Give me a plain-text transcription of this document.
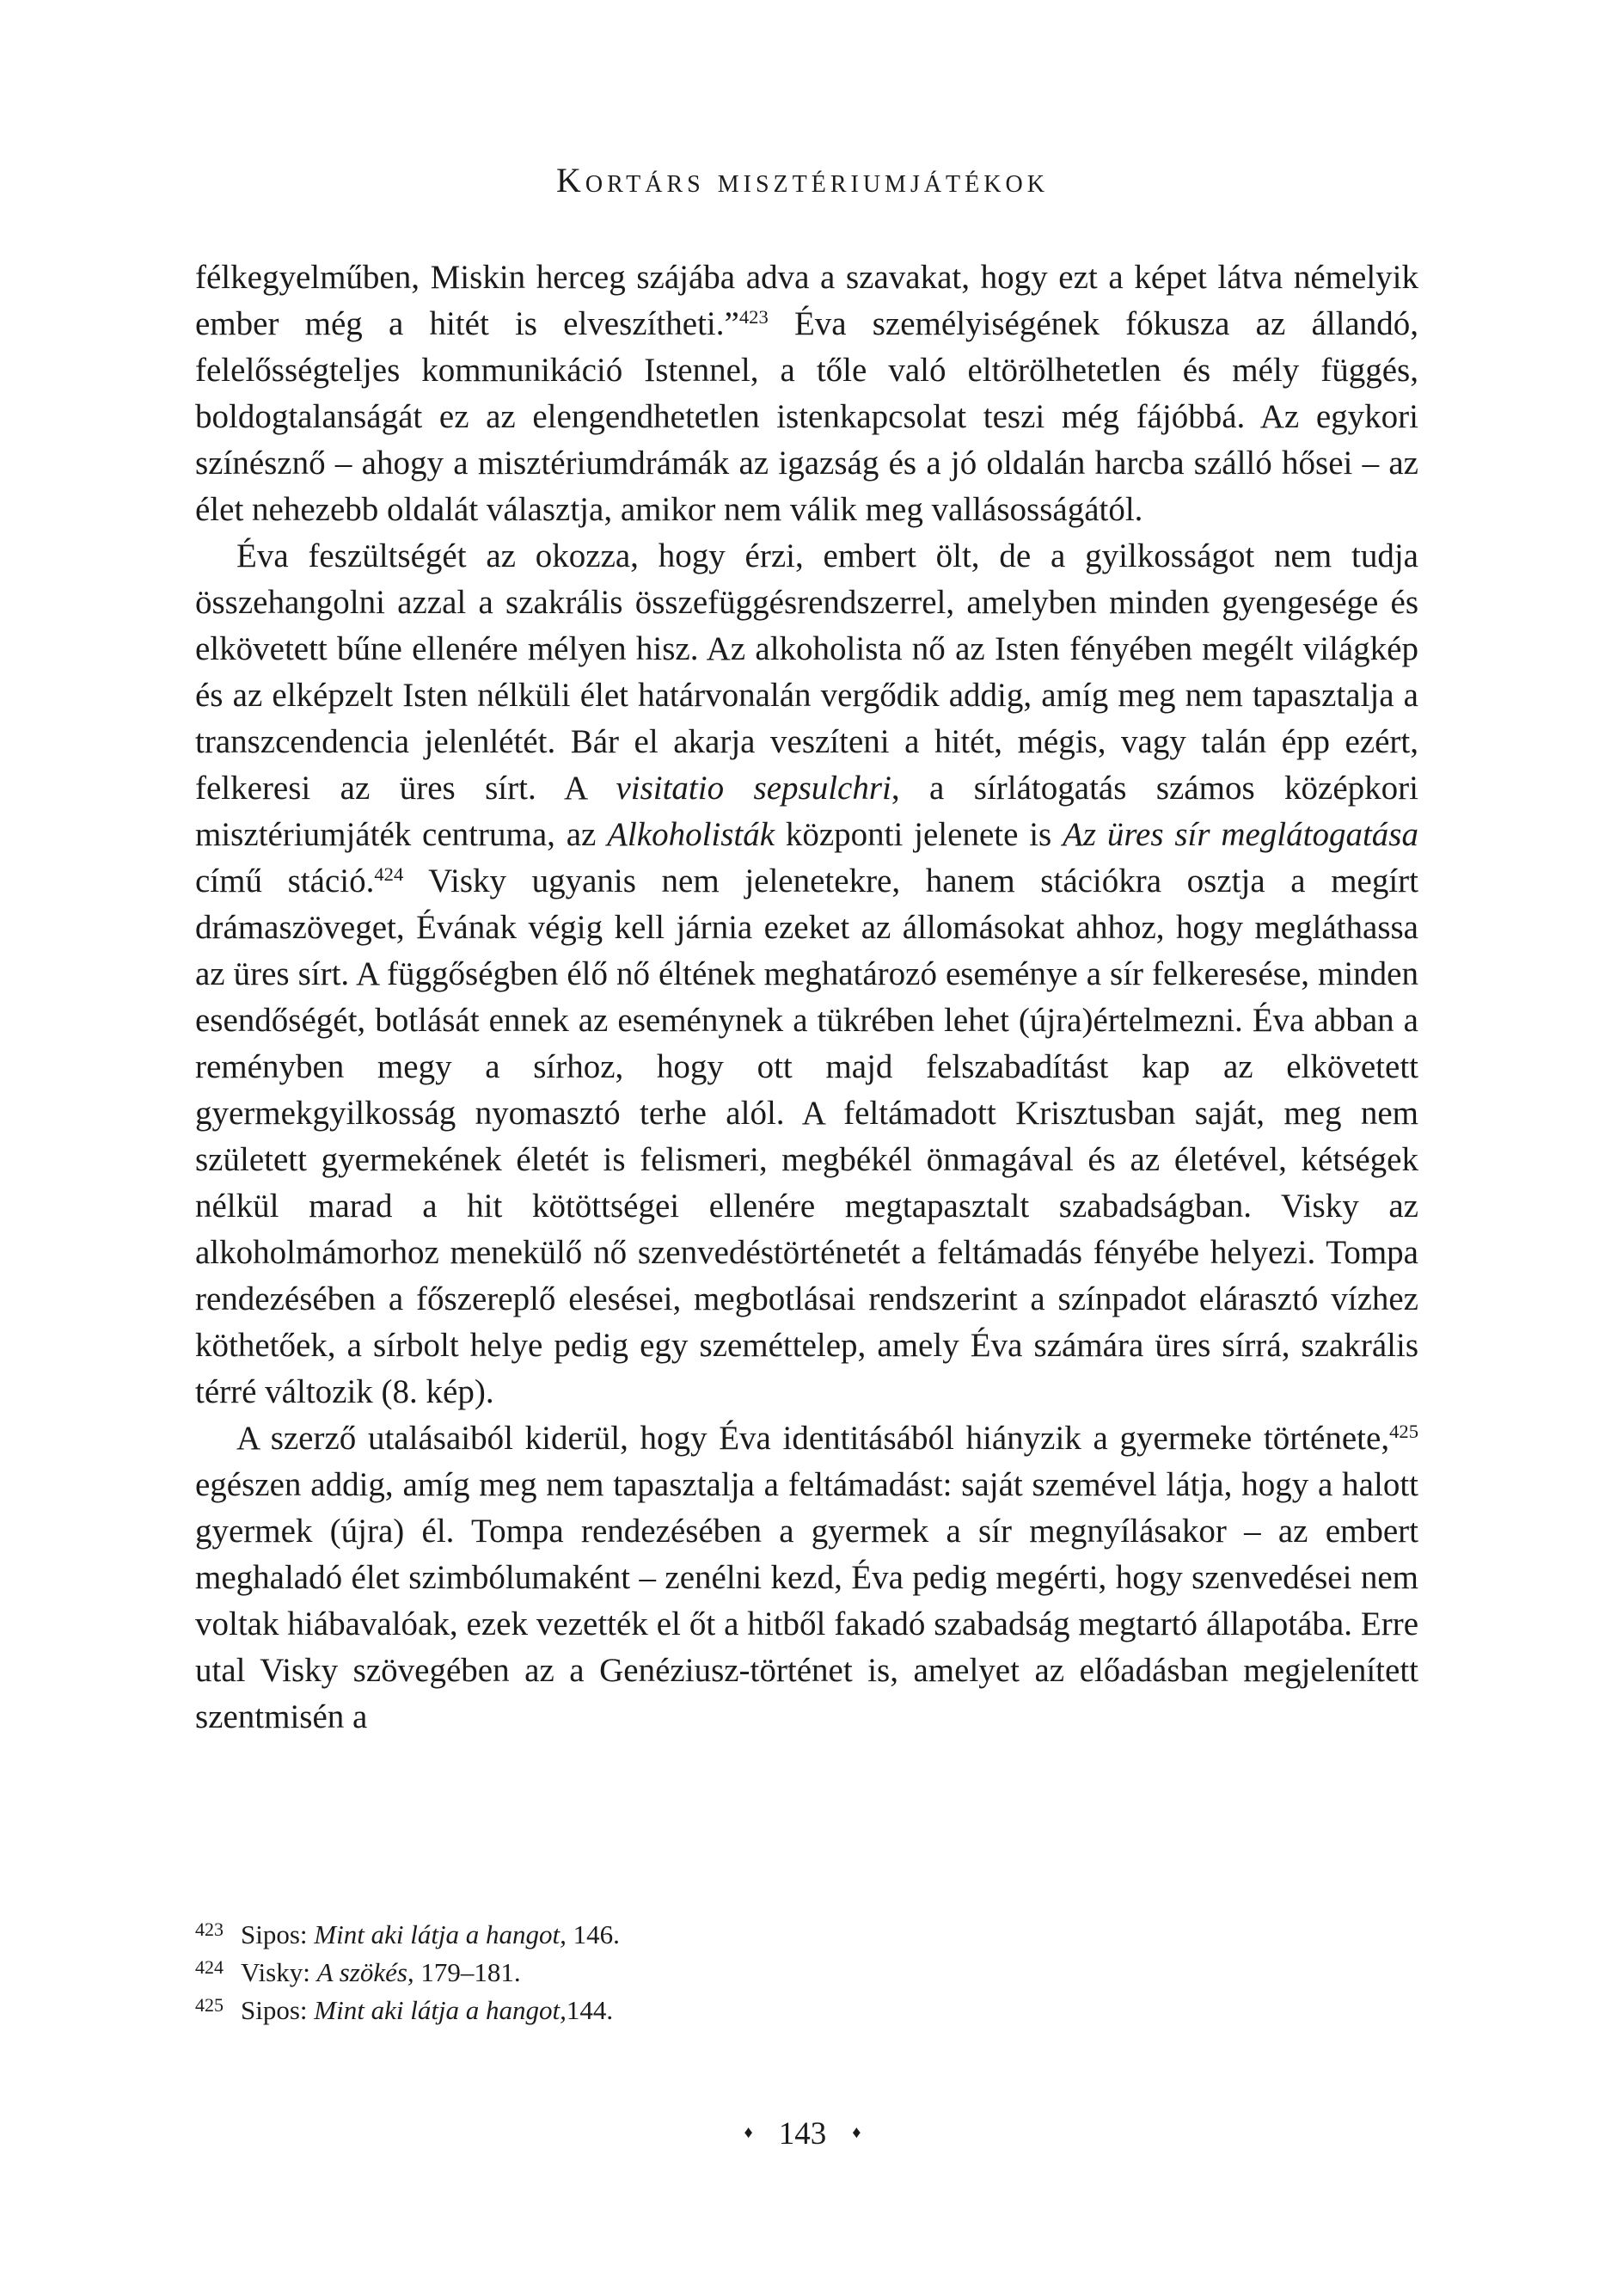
Kortárs misztériumjátékok

félkegyelműben, Miskin herceg szájába adva a szavakat, hogy ezt a képet látva némelyik ember még a hitét is elveszítheti.”$^{423}$ Éva személyiségének fókusza az állandó, felelősségteljes kommunikáció Istennel, a tőle való eltörölhetetlen és mély függés, boldogtalanságát ez az elengendhetetlen istenkapcsolat teszi még fájóbbá. Az egykori színésznő – ahogy a misztériumdrámák az igazság és a jó oldalán harcba szálló hősei – az élet nehezebb oldalát választja, amikor nem válik meg vallásosságától.

Éva feszültségét az okozza, hogy érzi, embert ölt, de a gyilkosságot nem tudja összehangolni azzal a szakrális összefüggésrendszerrel, amelyben minden gyengesége és elkövetett bűne ellenére mélyen hisz. Az alkoholista nő az Isten fényében megélt világkép és az elképzelt Isten nélküli élet határvonalán vergődik addig, amíg meg nem tapasztalja a transzcendencia jelenlétét. Bár el akarja veszíteni a hitét, mégis, vagy talán épp ezért, felkeresi az üres sírt. A visitatio sepsulchri, a sírlátogatás számos középkori misztériumjáték centruma, az Alkoholisták központi jelenete is Az üres sír meglátogatása című stáció.$^{424}$ Visky ugyanis nem jelenetekre, hanem stációkra osztja a megírt drámaszöveget, Évának végig kell járnia ezeket az állomásokat ahhoz, hogy megláthassa az üres sírt. A függőségben élő nő éltének meghatározó eseménye a sír felkeresése, minden esendőségét, botlását ennek az eseménynek a tükrében lehet (újra)értelmezni. Éva abban a reményben megy a sírhoz, hogy ott majd felszabadítást kap az elkövetett gyermekgyilkosság nyomasztó terhe alól. A feltámadott Krisztusban saját, meg nem született gyermekének életét is felismeri, megbékél önmagával és az életével, kétségek nélkül marad a hit kötöttségei ellenére megtapasztalt szabadságban. Visky az alkoholmámorhoz menekülő nő szenvedéstörténetét a feltámadás fényébe helyezi. Tompa rendezésében a főszereplő elesései, megbotlásai rendszerint a színpadot elárasztó vízhez köthetőek, a sírbolt helye pedig egy szeméttelep, amely Éva számára üres sírrá, szakrális térré változik (8. kép).

A szerző utalásaiból kiderül, hogy Éva identitásából hiányzik a gyermeke története,$^{425}$ egészen addig, amíg meg nem tapasztalja a feltámadást: saját szemével látja, hogy a halott gyermek (újra) él. Tompa rendezésében a gyermek a sír megnyílásakor – az embert meghaladó élet szimbólumaként – zenélni kezd, Éva pedig megérti, hogy szenvedései nem voltak hiábavalóak, ezek vezették el őt a hitből fakadó szabadság megtartó állapotába. Erre utal Visky szövegében az a Genéziusz-történet is, amelyet az előadásban megjelenített szentmisén a

$^{423}$ Sipos: Mint aki látja a hangot, 146.
$^{424}$ Visky: A szökés, 179–181.
$^{425}$ Sipos: Mint aki látja a hangot,144.
♦ 143 ♦
